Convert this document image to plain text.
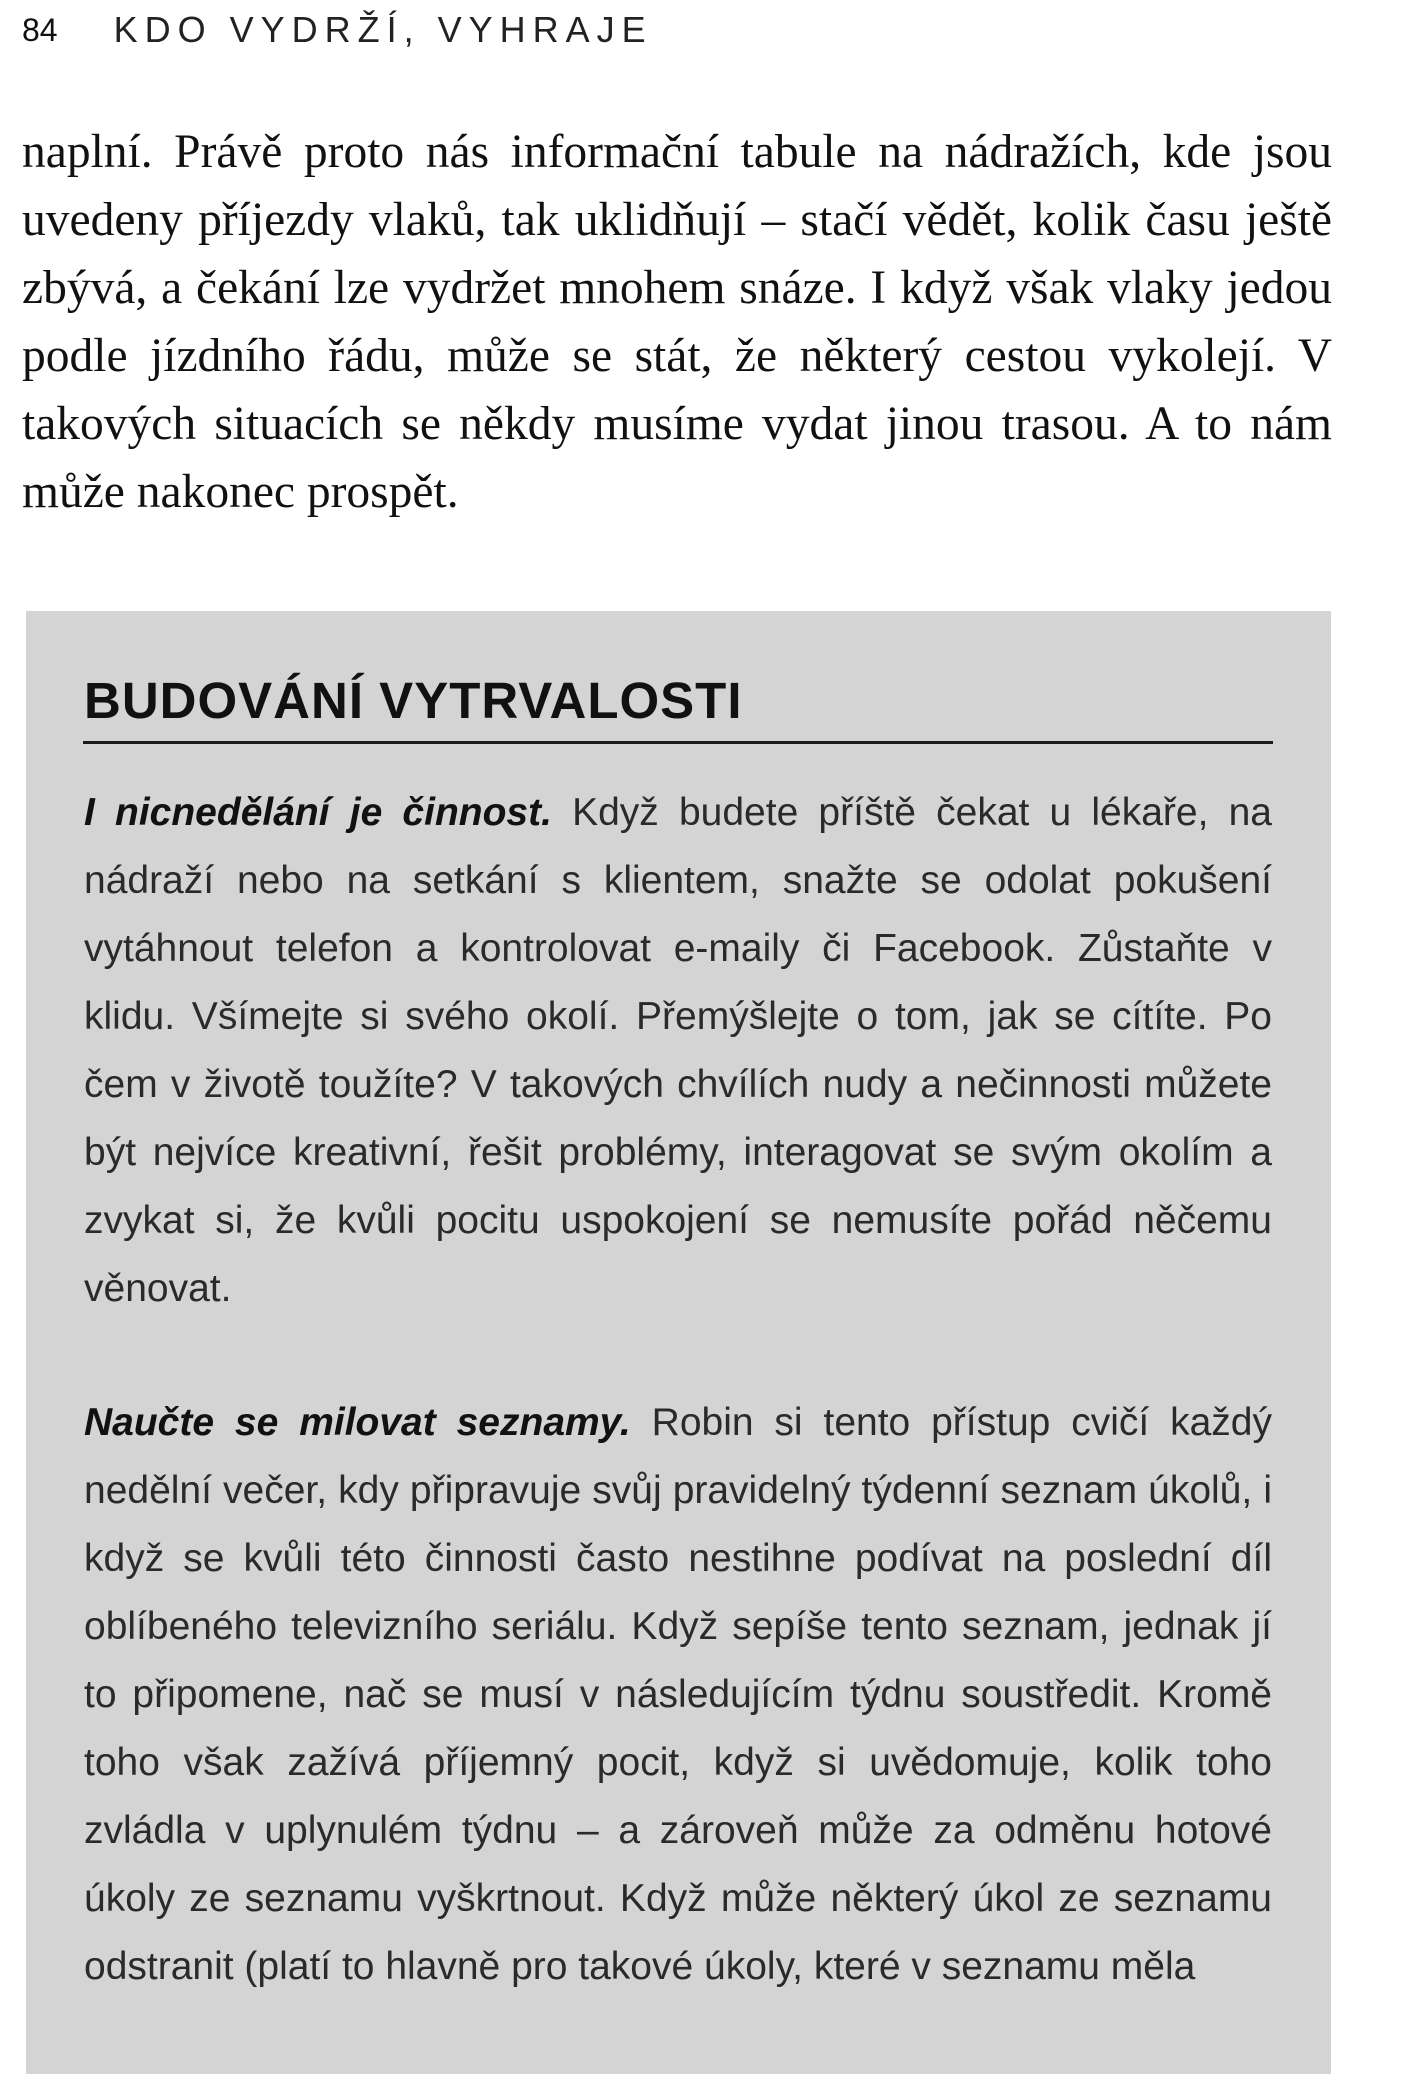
84 KDO VYDRŽÍ, VYHRAJE

naplní. Právě proto nás informační tabule na nádražích, kde jsou uvedeny příjezdy vlaků, tak uklidňují – stačí vědět, kolik času ještě zbývá, a čekání lze vydržet mnohem snáze. I když však vlaky jedou podle jízdního řádu, může se stát, že některý cestou vykolejí. V takových situacích se někdy musíme vydat jinou trasou. A to nám může nakonec prospět.

BUDOVÁNÍ VYTRVALOSTI

I nicnedělání je činnost. Když budete příště čekat u lékaře, na nádraží nebo na setkání s klientem, snažte se odolat pokušení vytáhnout telefon a kontrolovat e-maily či Facebook. Zůstaňte v klidu. Všímejte si svého okolí. Přemýšlejte o tom, jak se cítíte. Po čem v životě toužíte? V takových chvílích nudy a nečinnosti můžete být nejvíce kreativní, řešit problémy, interagovat se svým okolím a zvykat si, že kvůli pocitu uspokojení se nemusíte pořád něčemu věnovat.

Naučte se milovat seznamy. Robin si tento přístup cvičí každý nedělní večer, kdy připravuje svůj pravidelný týdenní seznam úkolů, i když se kvůli této činnosti často nestihne podívat na poslední díl oblíbeného televizního seriálu. Když sepíše tento seznam, jednak jí to připomene, nač se musí v následujícím týdnu soustředit. Kromě toho však zažívá příjemný pocit, když si uvědomuje, kolik toho zvládla v uplynulém týdnu – a zároveň může za odměnu hotové úkoly ze seznamu vyškrtnout. Když může některý úkol ze seznamu odstranit (platí to hlavně pro takové úkoly, které v seznamu měla
